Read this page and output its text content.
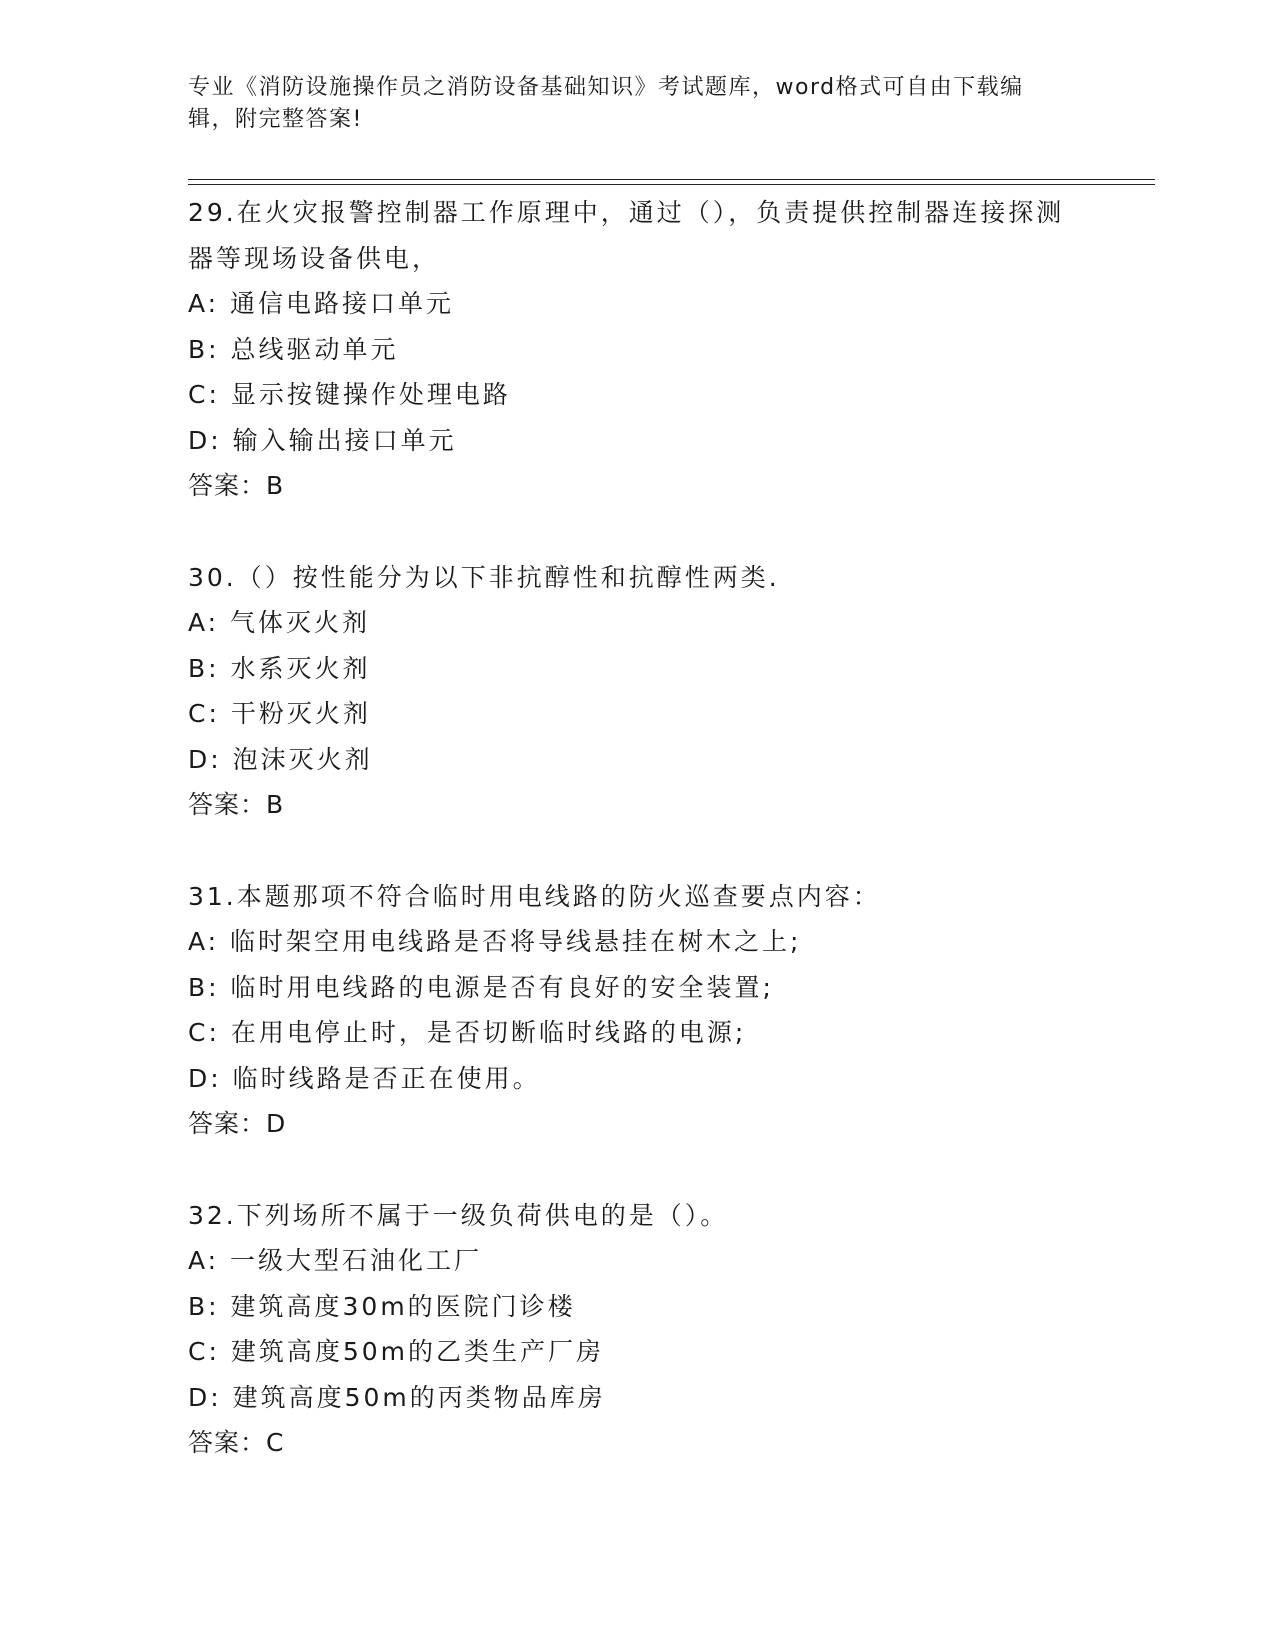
专业《消防设施操作员之消防设备基础知识》考试题库，word格式可自由下载编辑，附完整答案!
29.在火灾报警控制器工作原理中，通过（），负责提供控制器连接探测器等现场设备供电，
A: 通信电路接口单元
B: 总线驱动单元
C: 显示按键操作处理电路
D: 输入输出接口单元
答案：B
30.（）按性能分为以下非抗醇性和抗醇性两类.
A: 气体灭火剂
B: 水系灭火剂
C: 干粉灭火剂
D: 泡沫灭火剂
答案：B
31.本题那项不符合临时用电线路的防火巡查要点内容：
A: 临时架空用电线路是否将导线悬挂在树木之上;
B: 临时用电线路的电源是否有良好的安全装置;
C: 在用电停止时，是否切断临时线路的电源;
D: 临时线路是否正在使用。
答案：D
32.下列场所不属于一级负荷供电的是（）。
A: 一级大型石油化工厂
B: 建筑高度30m的医院门诊楼
C: 建筑高度50m的乙类生产厂房
D: 建筑高度50m的丙类物品库房
答案：C
